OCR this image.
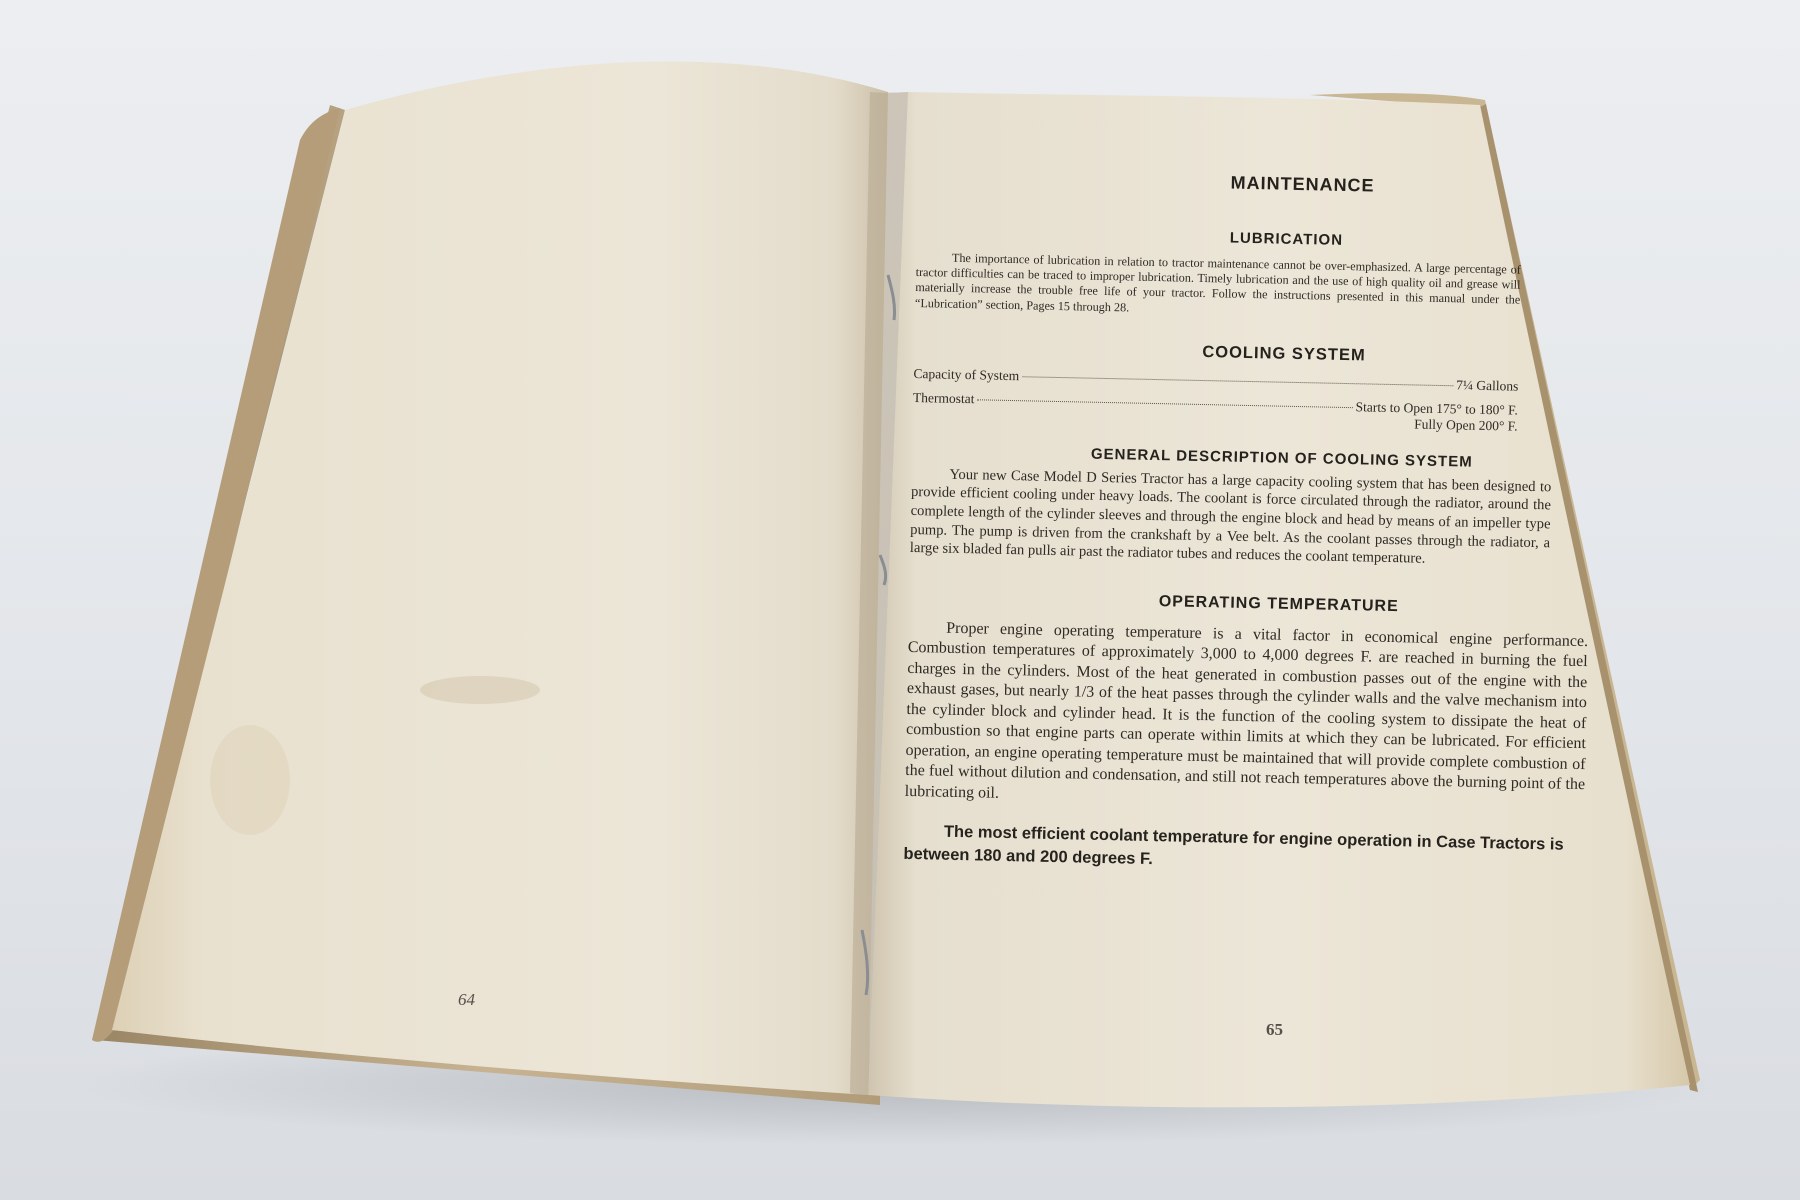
64
65
MAINTENANCE
LUBRICATION

The importance of lubrication in relation to tractor maintenance cannot be over-emphasized. A large percentage of tractor difficulties can be traced to improper lubrication. Timely lubrication and the use of high quality oil and grease will materially increase the trouble free life of your tractor. Follow the instructions presented in this manual under the “Lubrication” section, Pages 15 through 28.

COOLING SYSTEM
Capacity of System
7¼ Gallons
Thermostat
Starts to Open 175° to 180° F.
Fully Open 200° F.
GENERAL DESCRIPTION OF COOLING SYSTEM

Your new Case Model D Series Tractor has a large capacity cooling system that has been designed to provide efficient cooling under heavy loads. The coolant is force circulated through the radiator, around the complete length of the cylinder sleeves and through the engine block and head by means of an impeller type pump. The pump is driven from the crankshaft by a Vee belt. As the coolant passes through the radiator, a large six bladed fan pulls air past the radiator tubes and reduces the coolant temperature.

OPERATING TEMPERATURE

Proper engine operating temperature is a vital factor in economical engine performance. Combustion temperatures of approximately 3,000 to 4,000 degrees F. are reached in burning the fuel charges in the cylinders. Most of the heat generated in combustion passes out of the engine with the exhaust gases, but nearly 1/3 of the heat passes through the cylinder walls and the valve mechanism into the cylinder block and cylinder head. It is the function of the cooling system to dissipate the heat of combustion so that engine parts can operate within limits at which they can be lubricated. For efficient operation, an engine operating temperature must be maintained that will provide complete combustion of the fuel without dilution and condensation, and still not reach temperatures above the burning point of the lubricating oil.

The most efficient coolant temperature for engine operation in Case Tractors is between 180 and 200 degrees F.
